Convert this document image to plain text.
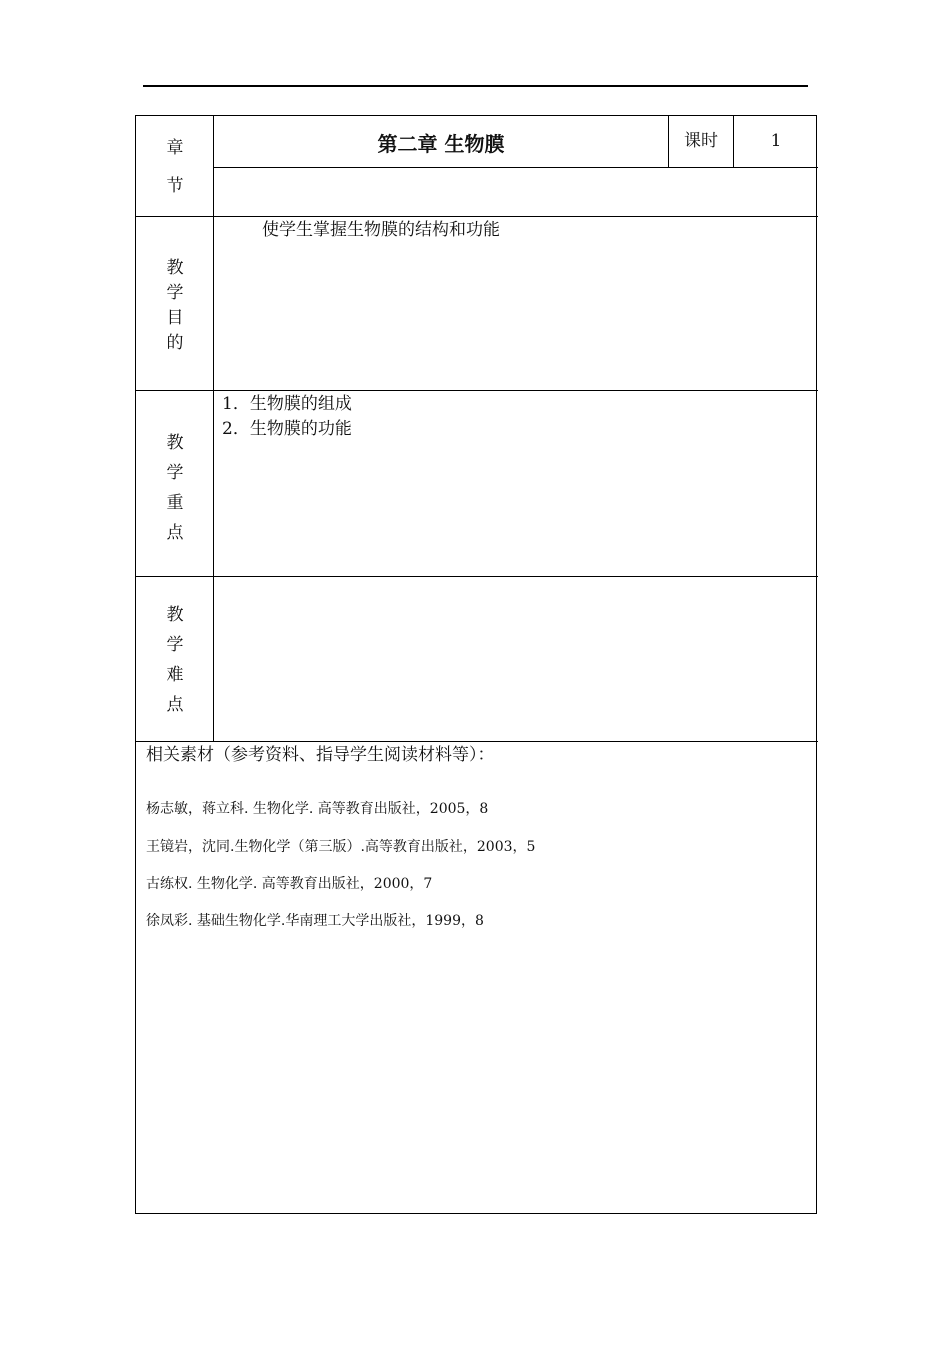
章
节
第二章 生物膜	课时	1
教
学
目
的
使学生掌握生物膜的结构和功能
教
学
重
点
1．生物膜的组成
2．生物膜的功能
教
学
难
点
相关素材（参考资料、指导学生阅读材料等）：
杨志敏，蒋立科. 生物化学. 高等教育出版社，2005，8
王镜岩，沈同.生物化学（第三版）.高等教育出版社，2003，5
古练权. 生物化学. 高等教育出版社，2000，7
徐凤彩. 基础生物化学.华南理工大学出版社，1999，8
